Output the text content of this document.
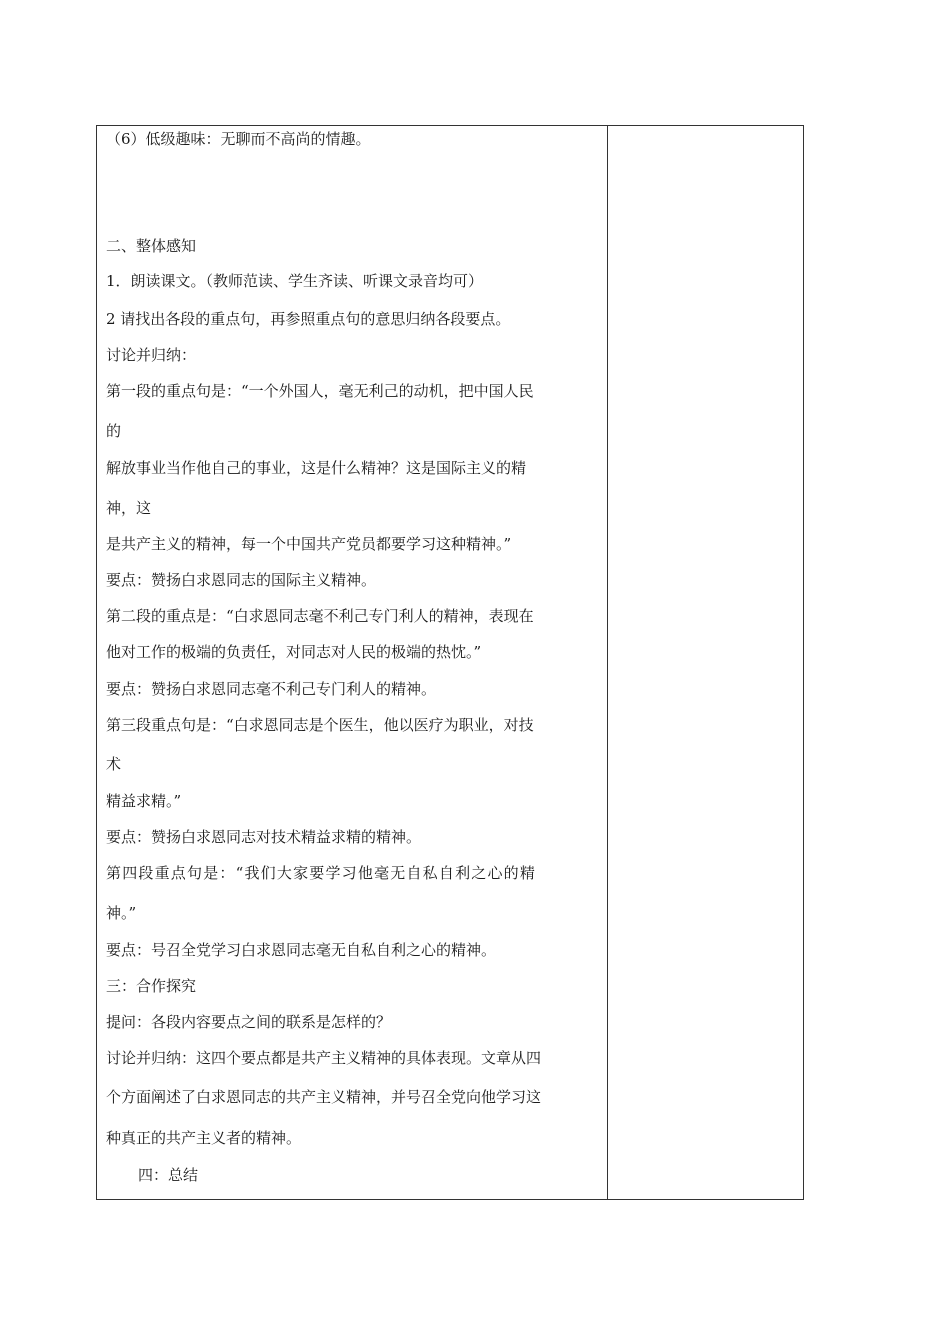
（6）低级趣味：无聊而不高尚的情趣。
二、整体感知
1．朗读课文。（教师范读、学生齐读、听课文录音均可）
2 请找出各段的重点句，再参照重点句的意思归纳各段要点。
讨论并归纳：
第一段的重点句是：“一个外国人，毫无利己的动机，把中国人民
的
解放事业当作他自己的事业，这是什么精神？这是国际主义的精
神，这
是共产主义的精神，每一个中国共产党员都要学习这种精神。”
要点：赞扬白求恩同志的国际主义精神。
第二段的重点是：“白求恩同志毫不利己专门利人的精神，表现在
他对工作的极端的负责任，对同志对人民的极端的热忱。”
要点：赞扬白求恩同志毫不利己专门利人的精神。
第三段重点句是：“白求恩同志是个医生，他以医疗为职业，对技
术
精益求精。”
要点：赞扬白求恩同志对技术精益求精的精神。
第四段重点句是：“我们大家要学习他毫无自私自利之心的精
神。”
要点：号召全党学习白求恩同志毫无自私自利之心的精神。
三：合作探究
提问：各段内容要点之间的联系是怎样的？
讨论并归纳：这四个要点都是共产主义精神的具体表现。文章从四
个方面阐述了白求恩同志的共产主义精神，并号召全党向他学习这
种真正的共产主义者的精神。
四：总结
